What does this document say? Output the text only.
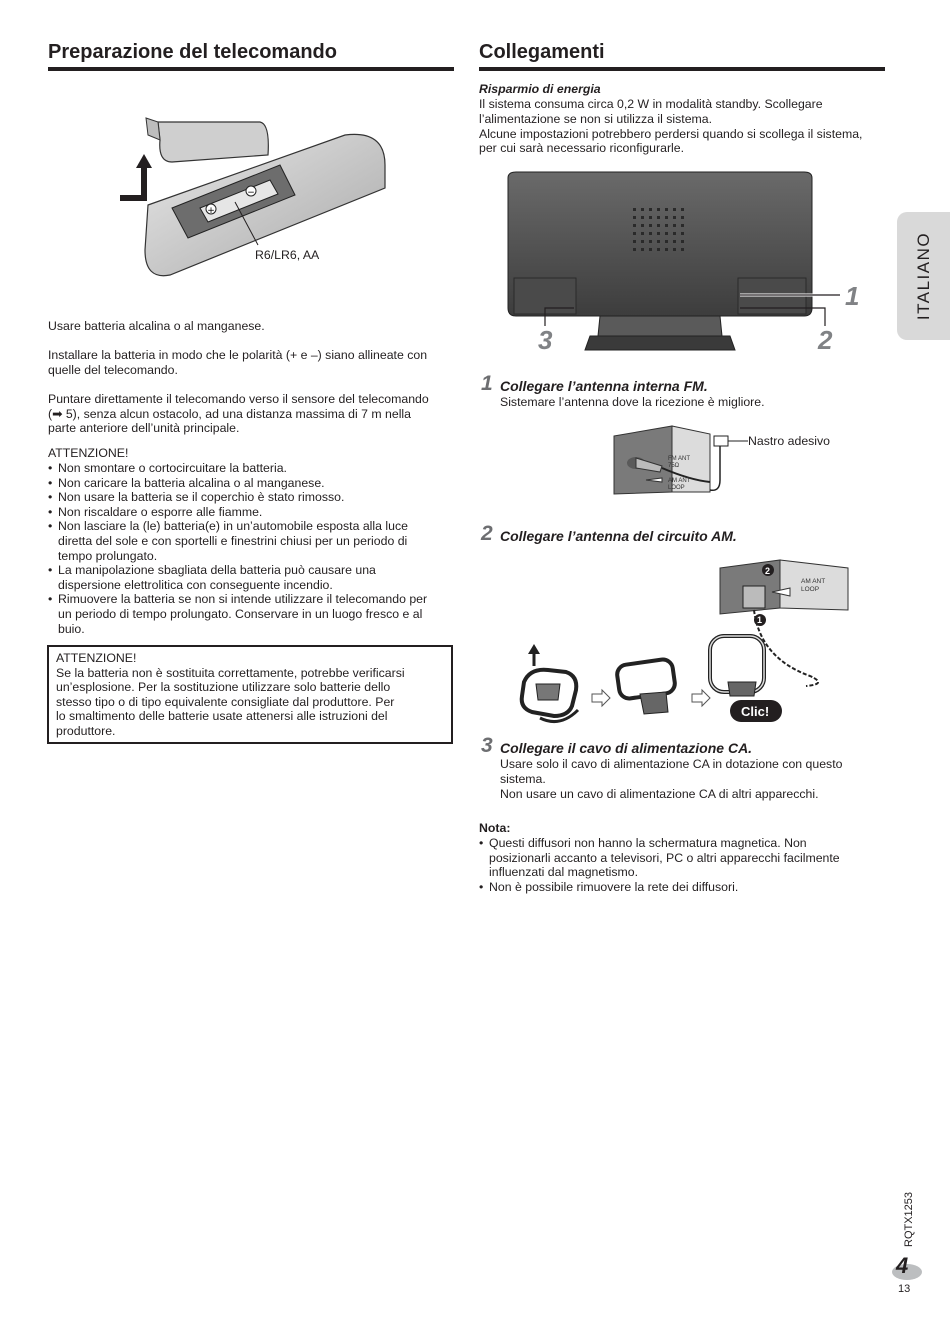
Preparazione del telecomando
+
−
R6/LR6, AA

Usare batteria alcalina o al manganese.

Installare la batteria in modo che le polarità (+ e –) siano allineate con

quelle del telecomando.

Puntare direttamente il telecomando verso il sensore del telecomando

(➡ 5), senza alcun ostacolo, ad una distanza massima di 7 m nella

parte anteriore dell’unità principale.

ATTENZIONE!

• Non smontare o cortocircuitare la batteria.
• Non caricare la batteria alcalina o al manganese.
• Non usare la batteria se il coperchio è stato rimosso.
• Non riscaldare o esporre alle fiamme.
• Non lasciare la (le) batteria(e) in un’automobile esposta alla luce
diretta del sole e con sportelli e finestrini chiusi per un periodo di
tempo prolungato.
• La manipolazione sbagliata della batteria può causare una
dispersione elettrolitica con conseguente incendio.
• Rimuovere la batteria se non si intende utilizzare il telecomando per
un periodo di tempo prolungato. Conservare in un luogo fresco e al
buio.

ATTENZIONE!

Se la batteria non è sostituita correttamente, potrebbe verificarsi

un’esplosione. Per la sostituzione utilizzare solo batterie dello

stesso tipo o di tipo equivalente consigliate dal produttore. Per

lo smaltimento delle batterie usate attenersi alle istruzioni del

produttore.

Collegamenti

Risparmio di energia

Il sistema consuma circa 0,2 W in modalità standby. Scollegare

l’alimentazione se non si utilizza il sistema.

Alcune impostazioni potrebbero perdersi quando si scollega il sistema,

per cui sarà necessario riconfigurarle.

1
2
3
1 Collegare l’antenna interna FM.

Sistemare l’antenna dove la ricezione è migliore.

FM ANT
75Ω
AM ANT
LOOP
Nastro adesivo
2 Collegare l’antenna del circuito AM.
AM ANT
LOOP
2
1
Clic!
3 Collegare il cavo di alimentazione CA.

Usare solo il cavo di alimentazione CA in dotazione con questo

sistema.

Non usare un cavo di alimentazione CA di altri apparecchi.

Nota:

• Questi diffusori non hanno la schermatura magnetica. Non
posizionarli accanto a televisori, PC o altri apparecchi facilmente
influenzati dal magnetismo.
• Non è possibile rimuovere la rete dei diffusori.
ITALIANO
RQTX1253
4
13
